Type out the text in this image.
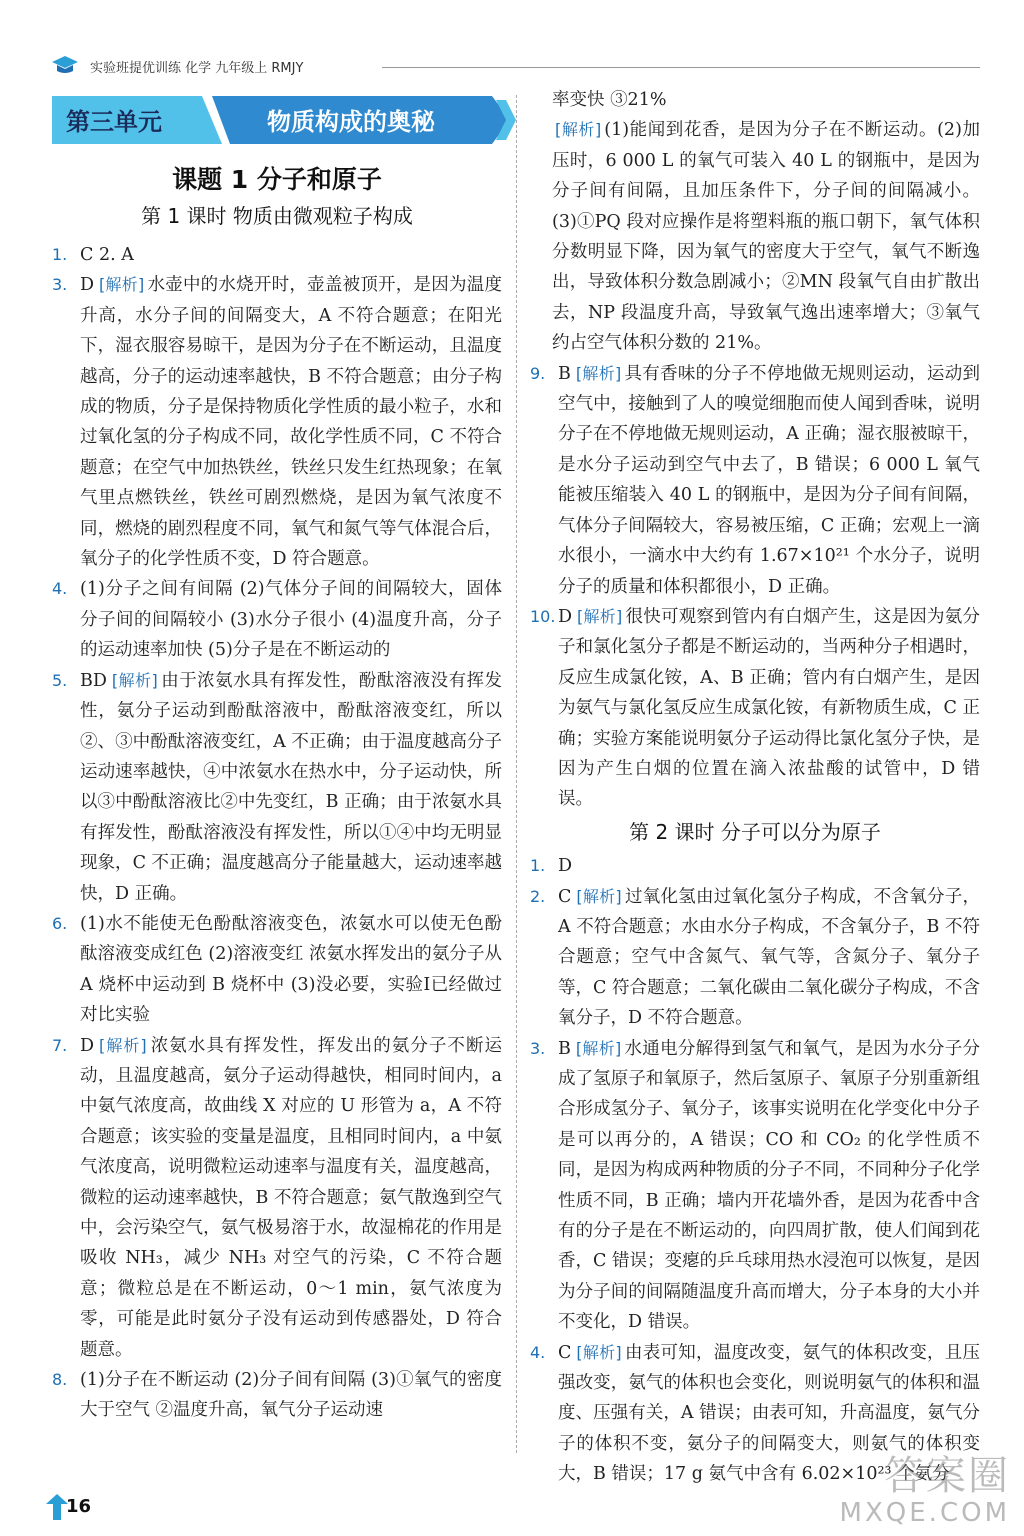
实验班提优训练 化学 九年级上 RMJY
第三单元	物质构成的奥秘
课题 1 分子和原子
第 1 课时 物质由微观粒子构成
1. C 2. A
3. D [解析] 水壶中的水烧开时，壶盖被顶开，是因为温度升高，水分子间的间隔变大，A 不符合题意；在阳光下，湿衣服容易晾干，是因为分子在不断运动，且温度越高，分子的运动速率越快，B 不符合题意；由分子构成的物质，分子是保持物质化学性质的最小粒子，水和过氧化氢的分子构成不同，故化学性质不同，C 不符合题意；在空气中加热铁丝，铁丝只发生红热现象；在氧气里点燃铁丝，铁丝可剧烈燃烧，是因为氧气浓度不同，燃烧的剧烈程度不同，氧气和氮气等气体混合后，氧分子的化学性质不变，D 符合题意。
4. (1)分子之间有间隔 (2)气体分子间的间隔较大，固体分子间的间隔较小 (3)水分子很小 (4)温度升高，分子的运动速率加快 (5)分子是在不断运动的
5. BD [解析] 由于浓氨水具有挥发性，酚酞溶液没有挥发性，氨分子运动到酚酞溶液中，酚酞溶液变红，所以②、③中酚酞溶液变红，A 不正确；由于温度越高分子运动速率越快，④中浓氨水在热水中，分子运动快，所以③中酚酞溶液比②中先变红，B 正确；由于浓氨水具有挥发性，酚酞溶液没有挥发性，所以①④中均无明显现象，C 不正确；温度越高分子能量越大，运动速率越快，D 正确。
6. (1)水不能使无色酚酞溶液变色，浓氨水可以使无色酚酞溶液变成红色 (2)溶液变红 浓氨水挥发出的氨分子从 A 烧杯中运动到 B 烧杯中 (3)没必要，实验Ⅰ已经做过对比实验
7. D [解析] 浓氨水具有挥发性，挥发出的氨分子不断运动，且温度越高，氨分子运动得越快，相同时间内，a 中氨气浓度高，故曲线 X 对应的 U 形管为 a，A 不符合题意；该实验的变量是温度，且相同时间内，a 中氨气浓度高，说明微粒运动速率与温度有关，温度越高，微粒的运动速率越快，B 不符合题意；氨气散逸到空气中，会污染空气，氨气极易溶于水，故湿棉花的作用是吸收 NH₃，减少 NH₃ 对空气的污染，C 不符合题意；微粒总是在不断运动，0～1 min，氨气浓度为零，可能是此时氨分子没有运动到传感器处，D 符合题意。
8. (1)分子在不断运动 (2)分子间有间隔 (3)①氧气的密度大于空气 ②温度升高，氧气分子运动速
率变快 ③21%
[解析] (1)能闻到花香，是因为分子在不断运动。(2)加压时，6 000 L 的氧气可装入 40 L 的钢瓶中，是因为分子间有间隔，且加压条件下，分子间的间隔减小。(3)①PQ 段对应操作是将塑料瓶的瓶口朝下，氧气体积分数明显下降，因为氧气的密度大于空气，氧气不断逸出，导致体积分数急剧减小；②MN 段氧气自由扩散出去，NP 段温度升高，导致氧气逸出速率增大；③氧气约占空气体积分数的 21%。
9. B [解析] 具有香味的分子不停地做无规则运动，运动到空气中，接触到了人的嗅觉细胞而使人闻到香味，说明分子在不停地做无规则运动，A 正确；湿衣服被晾干，是水分子运动到空气中去了，B 错误；6 000 L 氧气能被压缩装入 40 L 的钢瓶中，是因为分子间有间隔，气体分子间隔较大，容易被压缩，C 正确；宏观上一滴水很小，一滴水中大约有 1.67×10²¹ 个水分子，说明分子的质量和体积都很小，D 正确。
10. D [解析] 很快可观察到管内有白烟产生，这是因为氨分子和氯化氢分子都是不断运动的，当两种分子相遇时，反应生成氯化铵，A、B 正确；管内有白烟产生，是因为氨气与氯化氢反应生成氯化铵，有新物质生成，C 正确；实验方案能说明氨分子运动得比氯化氢分子快，是因为产生白烟的位置在滴入浓盐酸的试管中，D 错误。
第 2 课时 分子可以分为原子
1. D
2. C [解析] 过氧化氢由过氧化氢分子构成，不含氧分子，A 不符合题意；水由水分子构成，不含氧分子，B 不符合题意；空气中含氮气、氧气等，含氮分子、氧分子等，C 符合题意；二氧化碳由二氧化碳分子构成，不含氧分子，D 不符合题意。
3. B [解析] 水通电分解得到氢气和氧气，是因为水分子分成了氢原子和氧原子，然后氢原子、氧原子分别重新组合形成氢分子、氧分子，该事实说明在化学变化中分子是可以再分的，A 错误；CO 和 CO₂ 的化学性质不同，是因为构成两种物质的分子不同，不同种分子化学性质不同，B 正确；墙内开花墙外香，是因为花香中含有的分子是在不断运动的，向四周扩散，使人们闻到花香，C 错误；变瘪的乒乓球用热水浸泡可以恢复，是因为分子间的间隔随温度升高而增大，分子本身的大小并不变化，D 错误。
4. C [解析] 由表可知，温度改变，氨气的体积改变，且压强改变，氨气的体积也会变化，则说明氨气的体积和温度、压强有关，A 错误；由表可知，升高温度，氨气分子的体积不变，氨分子的间隔变大，则氨气的体积变大，B 错误；17 g 氨气中含有 6.02×10²³ 个氨分
16
答案圈
MXQE.COM
